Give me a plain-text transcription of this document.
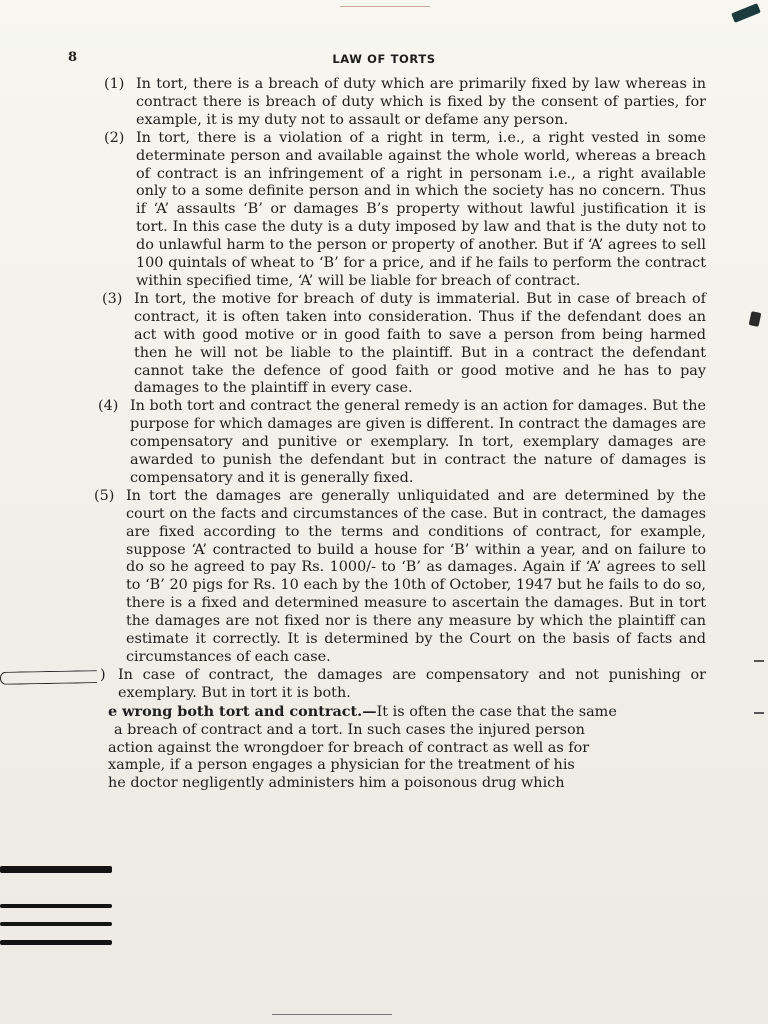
8	LAW OF TORTS
(1) In tort, there is a breach of duty which are primarily fixed by law whereas in contract there is breach of duty which is fixed by the consent of parties, for example, it is my duty not to assault or defame any person.
(2) In tort, there is a violation of a right in term, i.e., a right vested in some determinate person and available against the whole world, whereas a breach of contract is an infringement of a right in personam i.e., a right available only to a some definite person and in which the society has no concern. Thus if ‘A’ assaults ‘B’ or damages B’s property without lawful justification it is tort. In this case the duty is a duty imposed by law and that is the duty not to do unlawful harm to the person or property of another. But if ‘A’ agrees to sell 100 quintals of wheat to ‘B’ for a price, and if he fails to perform the contract within specified time, ‘A’ will be liable for breach of contract.
(3) In tort, the motive for breach of duty is immaterial. But in case of breach of contract, it is often taken into consideration. Thus if the defendant does an act with good motive or in good faith to save a person from being harmed then he will not be liable to the plaintiff. But in a contract the defendant cannot take the defence of good faith or good motive and he has to pay damages to the plaintiff in every case.
(4) In both tort and contract the general remedy is an action for damages. But the purpose for which damages are given is different. In contract the damages are compensatory and punitive or exemplary. In tort, exemplary damages are awarded to punish the defendant but in contract the nature of damages is compensatory and it is generally fixed.
(5) In tort the damages are generally unliquidated and are determined by the court on the facts and circumstances of the case. But in contract, the damages are fixed according to the terms and conditions of contract, for example, suppose ‘A’ contracted to build a house for ‘B’ within a year, and on failure to do so he agreed to pay Rs. 1000/- to ‘B’ as damages. Again if ‘A’ agrees to sell to ‘B’ 20 pigs for Rs. 10 each by the 10th of October, 1947 but he fails to do so, there is a fixed and determined measure to ascertain the damages. But in tort the damages are not fixed nor is there any measure by which the plaintiff can estimate it correctly. It is determined by the Court on the basis of facts and circumstances of each case.
) In case of contract, the damages are compensatory and not punishing or exemplary. But in tort it is both.
e wrong both tort and contract.—It is often the case that the same
a breach of contract and a tort. In such cases the injured person
action against the wrongdoer for breach of contract as well as for
xample, if a person engages a physician for the treatment of his
he doctor negligently administers him a poisonous drug which
